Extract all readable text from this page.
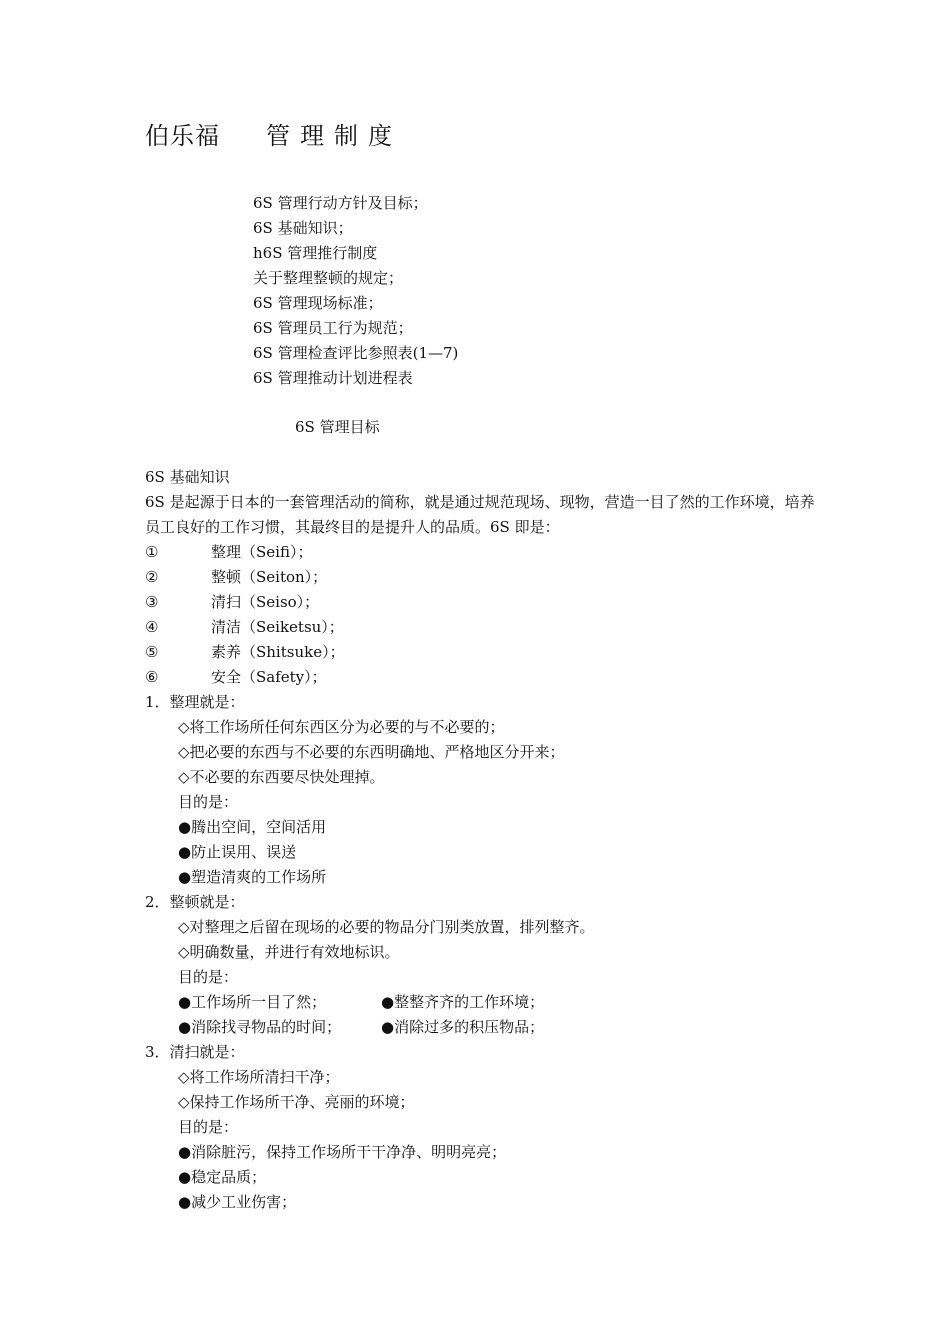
伯乐福 管理制度
6S 管理行动方针及目标；
6S 基础知识；
h6S 管理推行制度
关于整理整顿的规定；
6S 管理现场标准；
6S 管理员工行为规范；
6S 管理检查评比参照表(1—7)
6S 管理推动计划进程表
6S 管理目标
6S 基础知识
6S 是起源于日本的一套管理活动的简称，就是通过规范现场、现物，营造一目了然的工作环境，培养员工良好的工作习惯，其最终目的是提升人的品质。6S 即是：
①	整理（Seifi）；
②	整顿（Seiton）；
③	清扫（Seiso）；
④	清洁（Seiketsu）；
⑤	素养（Shitsuke）；
⑥	安全（Safety）；
1．整理就是：
◇将工作场所任何东西区分为必要的与不必要的；
◇把必要的东西与不必要的东西明确地、严格地区分开来；
◇不必要的东西要尽快处理掉。
目的是：
●腾出空间，空间活用
●防止误用、误送
●塑造清爽的工作场所
2．整顿就是：
◇对整理之后留在现场的必要的物品分门别类放置，排列整齐。
◇明确数量，并进行有效地标识。
目的是：
●工作场所一目了然；	●整整齐齐的工作环境；
●消除找寻物品的时间；	●消除过多的积压物品；
3．清扫就是：
◇将工作场所清扫干净；
◇保持工作场所干净、亮丽的环境；
目的是：
●消除脏污，保持工作场所干干净净、明明亮亮；
●稳定品质；
●减少工业伤害；
